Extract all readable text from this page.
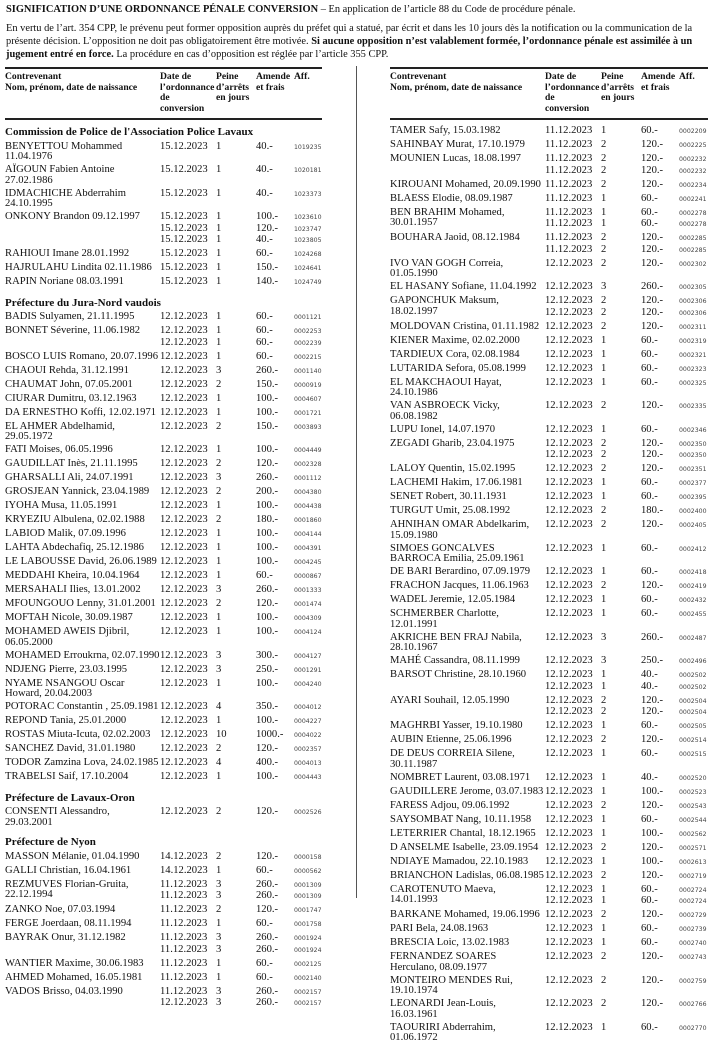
SIGNIFICATION D’UNE ORDONNANCE PÉNALE CONVERSION – En application de l’article 88 du Code de procédure pénale.

En vertu de l’art. 354 CPP, le prévenu peut former opposition auprès du préfet qui a statué, par écrit et dans les 10 jours dès la notification ou la communication de la présente décision. L’opposition ne doit pas obligatoirement être motivée. Si aucune opposition n’est valablement formée, l’ordonnance pénale est assimilée à un jugement entré en force. La procédure en cas d’opposition est réglée par l’article 355 CPP.

Contrevenant
Nom, prénom, date de naissance
Date de
l’ordonnance
de conversion
Peine
d’arrêts
en jours
Amende
et frais
Aff.
Commission de Police de l'Association Police Lavaux
BENYETTOU Mohammed 11.04.1976
15.12.2023 1	40.-	1019235
AÏGOUN Fabien Antoine 27.02.1986
15.12.2023 1	40.-	1020181
IDMACHICHE Abderrahim 24.10.1995
15.12.2023 1	40.-	1023373
ONKONY Brandon 09.12.1997	15.12.2023 1	100.-	1023610
15.12.2023 1	120.-	1023747
15.12.2023 1	40.-	1023805
RAHIOUI Imane 28.01.1992	15.12.2023 1	60.-	1024268
HAJRULAHU Lindita 02.11.1986 15.12.2023 1	150.-	1024641
RAPIN Noriane 08.03.1991	15.12.2023 1	140.-	1024749
Préfecture du Jura-Nord vaudois
BADIS Sulyamen, 21.11.1995	12.12.2023 1	60.-	0001121
BONNET Séverine, 11.06.1982	12.12.2023 1	60.-	0002253
12.12.2023 1	60.-	0002239
BOSCO LUIS Romano, 20.07.1996 12.12.2023 1	60.-	0002215
CHAOUI Rehda, 31.12.1991	12.12.2023 3	260.-	0001140
CHAUMAT John, 07.05.2001	12.12.2023 2	150.-	0000919
CIURAR Dumitru, 03.12.1963	12.12.2023 1	100.-	0004607
DA ERNESTHO Koffi, 12.02.1971 12.12.2023 1	100.-	0001721
EL AHMER Abdelhamid, 29.05.1972
12.12.2023 2	150.-	0003893
FATI Moises, 06.05.1996	12.12.2023 1	100.-	0004449
GAUDILLAT Inès, 21.11.1995	12.12.2023 2	120.-	0002328
GHARSALLI Ali, 24.07.1991	12.12.2023 3	260.-	0001112
GROSJEAN Yannick, 23.04.1989	12.12.2023 2	200.-	0004380
IYOHA Musa, 11.05.1991	12.12.2023 1	100.-	0004438
KRYEZIU Albulena, 02.02.1988	12.12.2023 2	180.-	0001860
LABIOD Malik, 07.09.1996	12.12.2023 1	100.-	0004144
LAHTA Abdechafiq, 25.12.1986	12.12.2023 1	100.-	0004391
LE LABOUSSE David, 26.06.1989 12.12.2023 1	100.-	0004245
MEDDAHI Kheira, 10.04.1964	12.12.2023 1	60.-	0000867
MERSAHALI Ilies, 13.01.2002	12.12.2023 3	260.-	0001333
MFOUNGOUO Lenny, 31.01.2001 12.12.2023 2	120.-	0001474
MOFTAH Nicole, 30.09.1987	12.12.2023 1	100.-	0004309
MOHAMED AWEIS Djibril, 06.05.2000
12.12.2023 1	100.-	0004124
MOHAMED Erroukrna, 02.07.1990 12.12.2023 3	300.-	0004127
NDJENG Pierre, 23.03.1995	12.12.2023 3	250.-	0001291
NYAME NSANGOU Oscar Howard, 20.04.2003
12.12.2023 1	100.-	0004240
POTORAC Constantin , 25.09.1981 12.12.2023 4	350.-	0004012
REPOND Tania, 25.01.2000	12.12.2023 1	100.-	0004227
ROSTAS Miuta-Icuta, 02.02.2003 12.12.2023 10	1000.-	0004022
SANCHEZ David, 31.01.1980	12.12.2023 2	120.-	0002357
TODOR Zamzina Lova, 24.02.1985 12.12.2023 4	400.-	0004013
TRABELSI Saif, 17.10.2004	12.12.2023 1	100.-	0004443
Préfecture de Lavaux-Oron
CONSENTI Alessandro, 29.03.2001
12.12.2023 2	120.-	0002526
Préfecture de Nyon
MASSON Mélanie, 01.04.1990	14.12.2023 2	120.-	0000158
GALLI Christian, 16.04.1961	14.12.2023 1	60.-	0000562
REZMUVES Florian-Gruita, 22.12.1994
11.12.2023 3	260.-	0001309
11.12.2023 3	260.-	0001309
ZANKO Noe, 07.03.1994	11.12.2023 2	120.-	0001747
FERGE Joerdaan, 08.11.1994	11.12.2023 1	60.-	0001758
BAYRAK Onur, 31.12.1982	11.12.2023 3	260.-	0001924
11.12.2023 3	260.-	0001924
WANTIER Maxime, 30.06.1983	11.12.2023 1	60.-	0002125
AHMED Mohamed, 16.05.1981	11.12.2023 1	60.-	0002140
VADOS Brisso, 04.03.1990	11.12.2023 3	260.-	0002157
12.12.2023 3	260.-	0002157
Contrevenant
Nom, prénom, date de naissance
Date de
l’ordonnance
de conversion
Peine
d’arrêts
en jours
Amende
et frais
Aff.
TAMER Safy, 15.03.1982	11.12.2023 1	60.-	0002209
SAHINBAY Murat, 17.10.1979	11.12.2023 2	120.-	0002225
MOUNIEN Lucas, 18.08.1997	11.12.2023 2	120.-	0002232
11.12.2023 2	120.-	0002232
KIROUANI Mohamed, 20.09.1990 11.12.2023 2	120.-	0002234
BLAESS Elodie, 08.09.1987	11.12.2023 1	60.-	0002241
BEN BRAHIM Mohamed, 30.01.1957
11.12.2023 1	60.-	0002278
11.12.2023 1	60.-	0002278
BOUHARA Jaoid, 08.12.1984	11.12.2023 2	120.-	0002285
11.12.2023 2	120.-	0002285
IVO VAN GOGH Correia, 01.05.1990
12.12.2023 2	120.-	0002302
EL HASANY Sofiane, 11.04.1992 12.12.2023 3	260.-	0002305
GAPONCHUK Maksum, 18.02.1997
12.12.2023 2	120.-	0002306
12.12.2023 2	120.-	0002306
MOLDOVAN Cristina, 01.11.1982 12.12.2023 2	120.-	0002311
KIENER Maxime, 02.02.2000	12.12.2023 1	60.-	0002319
TARDIEUX Cora, 02.08.1984	12.12.2023 1	60.-	0002321
LUTARIDA Sefora, 05.08.1999	12.12.2023 1	60.-	0002323
EL MAKCHAOUI Hayat, 24.10.1986
12.12.2023 1	60.-	0002325
VAN ASBROECK Vicky, 06.08.1982
12.12.2023 2	120.-	0002335
LUPU Ionel, 14.07.1970	12.12.2023 1	60.-	0002346
ZEGADI Gharib, 23.04.1975	12.12.2023 2	120.-	0002350
12.12.2023 2	120.-	0002350
LALOY Quentin, 15.02.1995	12.12.2023 2	120.-	0002351
LACHEMI Hakim, 17.06.1981	12.12.2023 1	60.-	0002377
SENET Robert, 30.11.1931	12.12.2023 1	60.-	0002395
TURGUT Umit, 25.08.1992	12.12.2023 2	180.-	0002400
AHNIHAN OMAR Abdelkarim, 15.09.1980
12.12.2023 2	120.-	0002405
SIMOES GONCALVES BARROCA Emilia, 25.09.1961
12.12.2023 1	60.-	0002412
DE BARI Berardino, 07.09.1979	12.12.2023 1	60.-	0002418
FRACHON Jacques, 11.06.1963	12.12.2023 2	120.-	0002419
WADEL Jeremie, 12.05.1984	12.12.2023 1	60.-	0002432
SCHMERBER Charlotte, 12.01.1991
12.12.2023 1	60.-	0002455
AKRICHE BEN FRAJ Nabila, 28.10.1967
12.12.2023 3	260.-	0002487
MAHÉ Cassandra, 08.11.1999	12.12.2023 3	250.-	0002496
BARSOT Christine, 28.10.1960	12.12.2023 1	40.-	0002502
12.12.2023 1	40.-	0002502
AYARI Souhail, 12.05.1990	12.12.2023 2	120.-	0002504
12.12.2023 2	120.-	0002504
MAGHRBI Yasser, 19.10.1980	12.12.2023 1	60.-	0002505
AUBIN Etienne, 25.06.1996	12.12.2023 2	120.-	0002514
DE DEUS CORREIA Silene, 30.11.1987
12.12.2023 1	60.-	0002515
NOMBRET Laurent, 03.08.1971	12.12.2023 1	40.-	0002520
GAUDILLERE Jerome, 03.07.1983 12.12.2023 1	100.-	0002523
FARESS Adjou, 09.06.1992	12.12.2023 2	120.-	0002543
SAYSOMBAT Nang, 10.11.1958	12.12.2023 1	60.-	0002544
LETERRIER Chantal, 18.12.1965 12.12.2023 1	100.-	0002562
D ANSELME Isabelle, 23.09.1954 12.12.2023 2	120.-	0002571
NDIAYE Mamadou, 22.10.1983	12.12.2023 1	100.-	0002613
BRIANCHON Ladislas, 06.08.1985 12.12.2023 2	120.-	0002719
CAROTENUTO Maeva, 14.01.1993
12.12.2023 1	60.-	0002724
12.12.2023 1	60.-	0002724
BARKANE Mohamed, 19.06.1996 12.12.2023 2	120.-	0002729
PARI Bela, 24.08.1963	12.12.2023 1	60.-	0002739
BRESCIA Loic, 13.02.1983	12.12.2023 1	60.-	0002740
FERNANDEZ SOARES Herculano, 08.09.1977
12.12.2023 2	120.-	0002743
MONTEIRO MENDES Rui, 19.10.1974
12.12.2023 2	120.-	0002759
LEONARDI Jean-Louis, 16.03.1961
12.12.2023 2	120.-	0002766
TAOURIRI Abderrahim, 01.06.1972
12.12.2023 1	60.-	0002770
